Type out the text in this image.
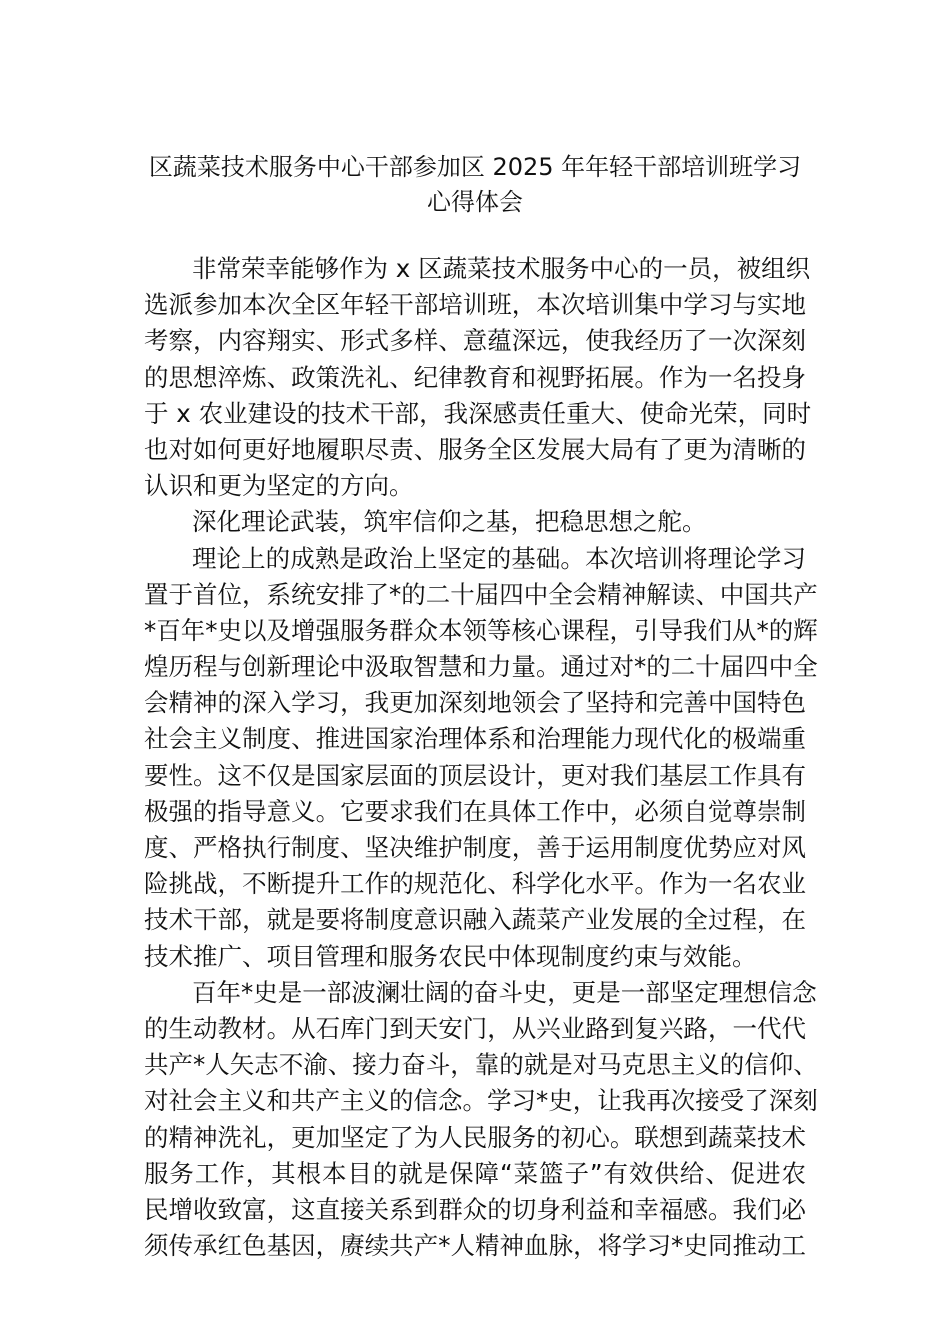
区蔬菜技术服务中心干部参加区 2025 年年轻干部培训班学习
心得体会
非常荣幸能够作为 x 区蔬菜技术服务中心的一员，被组织
选派参加本次全区年轻干部培训班，本次培训集中学习与实地
考察，内容翔实、形式多样、意蕴深远，使我经历了一次深刻
的思想淬炼、政策洗礼、纪律教育和视野拓展。作为一名投身
于 x 农业建设的技术干部，我深感责任重大、使命光荣，同时
也对如何更好地履职尽责、服务全区发展大局有了更为清晰的
认识和更为坚定的方向。
深化理论武装，筑牢信仰之基，把稳思想之舵。
理论上的成熟是政治上坚定的基础。本次培训将理论学习
置于首位，系统安排了*的二十届四中全会精神解读、中国共产
*百年*史以及增强服务群众本领等核心课程，引导我们从*的辉
煌历程与创新理论中汲取智慧和力量。通过对*的二十届四中全
会精神的深入学习，我更加深刻地领会了坚持和完善中国特色
社会主义制度、推进国家治理体系和治理能力现代化的极端重
要性。这不仅是国家层面的顶层设计，更对我们基层工作具有
极强的指导意义。它要求我们在具体工作中，必须自觉尊崇制
度、严格执行制度、坚决维护制度，善于运用制度优势应对风
险挑战，不断提升工作的规范化、科学化水平。作为一名农业
技术干部，就是要将制度意识融入蔬菜产业发展的全过程，在
技术推广、项目管理和服务农民中体现制度约束与效能。
百年*史是一部波澜壮阔的奋斗史，更是一部坚定理想信念
的生动教材。从石库门到天安门，从兴业路到复兴路，一代代
共产*人矢志不渝、接力奋斗，靠的就是对马克思主义的信仰、
对社会主义和共产主义的信念。学习*史，让我再次接受了深刻
的精神洗礼，更加坚定了为人民服务的初心。联想到蔬菜技术
服务工作，其根本目的就是保障“菜篮子”有效供给、促进农
民增收致富，这直接关系到群众的切身利益和幸福感。我们必
须传承红色基因，赓续共产*人精神血脉，将学习*史同推动工
